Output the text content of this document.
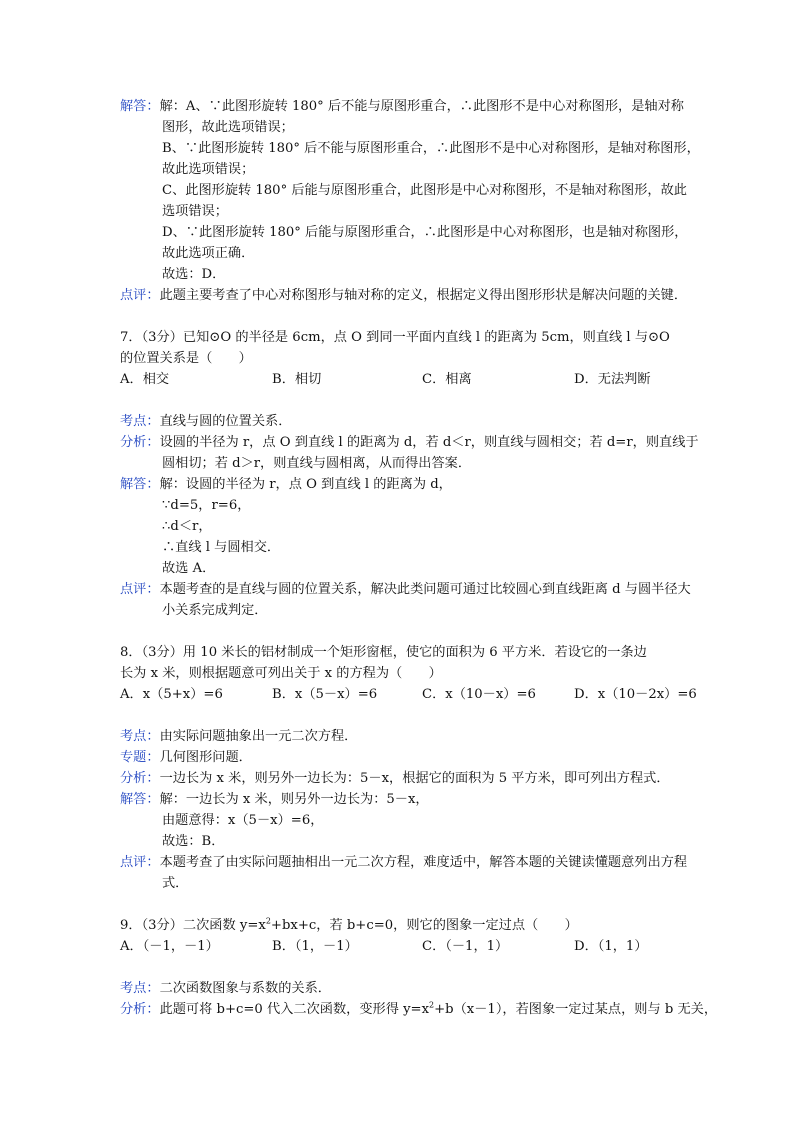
解答：解：A、∵此图形旋转 180° 后不能与原图形重合，∴此图形不是中心对称图形，是轴对称
图形，故此选项错误；
B、∵此图形旋转 180° 后不能与原图形重合，∴此图形不是中心对称图形，是轴对称图形，
故此选项错误；
C、此图形旋转 180° 后能与原图形重合，此图形是中心对称图形，不是轴对称图形，故此
选项错误；
D、∵此图形旋转 180° 后能与原图形重合，∴此图形是中心对称图形，也是轴对称图形，
故此选项正确．
故选：D．
点评：此题主要考查了中心对称图形与轴对称的定义，根据定义得出图形形状是解决问题的关键．
7．（3分）已知⊙O 的半径是 6cm，点 O 到同一平面内直线 l 的距离为 5cm，则直线 l 与⊙O
的位置关系是（　　）
A．相交	B．相切	C．相离	D．无法判断
考点：直线与圆的位置关系．
分析：设圆的半径为 r，点 O 到直线 l 的距离为 d，若 d＜r，则直线与圆相交；若 d=r，则直线于
圆相切；若 d＞r，则直线与圆相离，从而得出答案．
解答：解：设圆的半径为 r，点 O 到直线 l 的距离为 d，
∵d=5，r=6，
∴d＜r，
∴直线 l 与圆相交．
故选 A．
点评：本题考查的是直线与圆的位置关系，解决此类问题可通过比较圆心到直线距离 d 与圆半径大
小关系完成判定．
8．（3分）用 10 米长的铝材制成一个矩形窗框，使它的面积为 6 平方米．若设它的一条边
长为 x 米，则根据题意可列出关于 x 的方程为（　　）
A．x（5+x）=6	B．x（5－x）=6	C．x（10－x）=6	D．x（10－2x）=6
考点：由实际问题抽象出一元二次方程．
专题：几何图形问题．
分析：一边长为 x 米，则另外一边长为：5－x，根据它的面积为 5 平方米，即可列出方程式．
解答：解：一边长为 x 米，则另外一边长为：5－x，
由题意得：x（5－x）=6，
故选：B．
点评：本题考查了由实际问题抽相出一元二次方程，难度适中，解答本题的关键读懂题意列出方程
式．
9．（3分）二次函数 $y=x^2+bx+c$，若 b+c=0，则它的图象一定过点（　　）
A．（－1，－1）	B．（1，－1）	C．（－1，1）	D．（1，1）
考点：二次函数图象与系数的关系．
分析：此题可将 b+c=0 代入二次函数，变形得 $y=x^2+b(x-1)$，若图象一定过某点，则与 b 无关，
